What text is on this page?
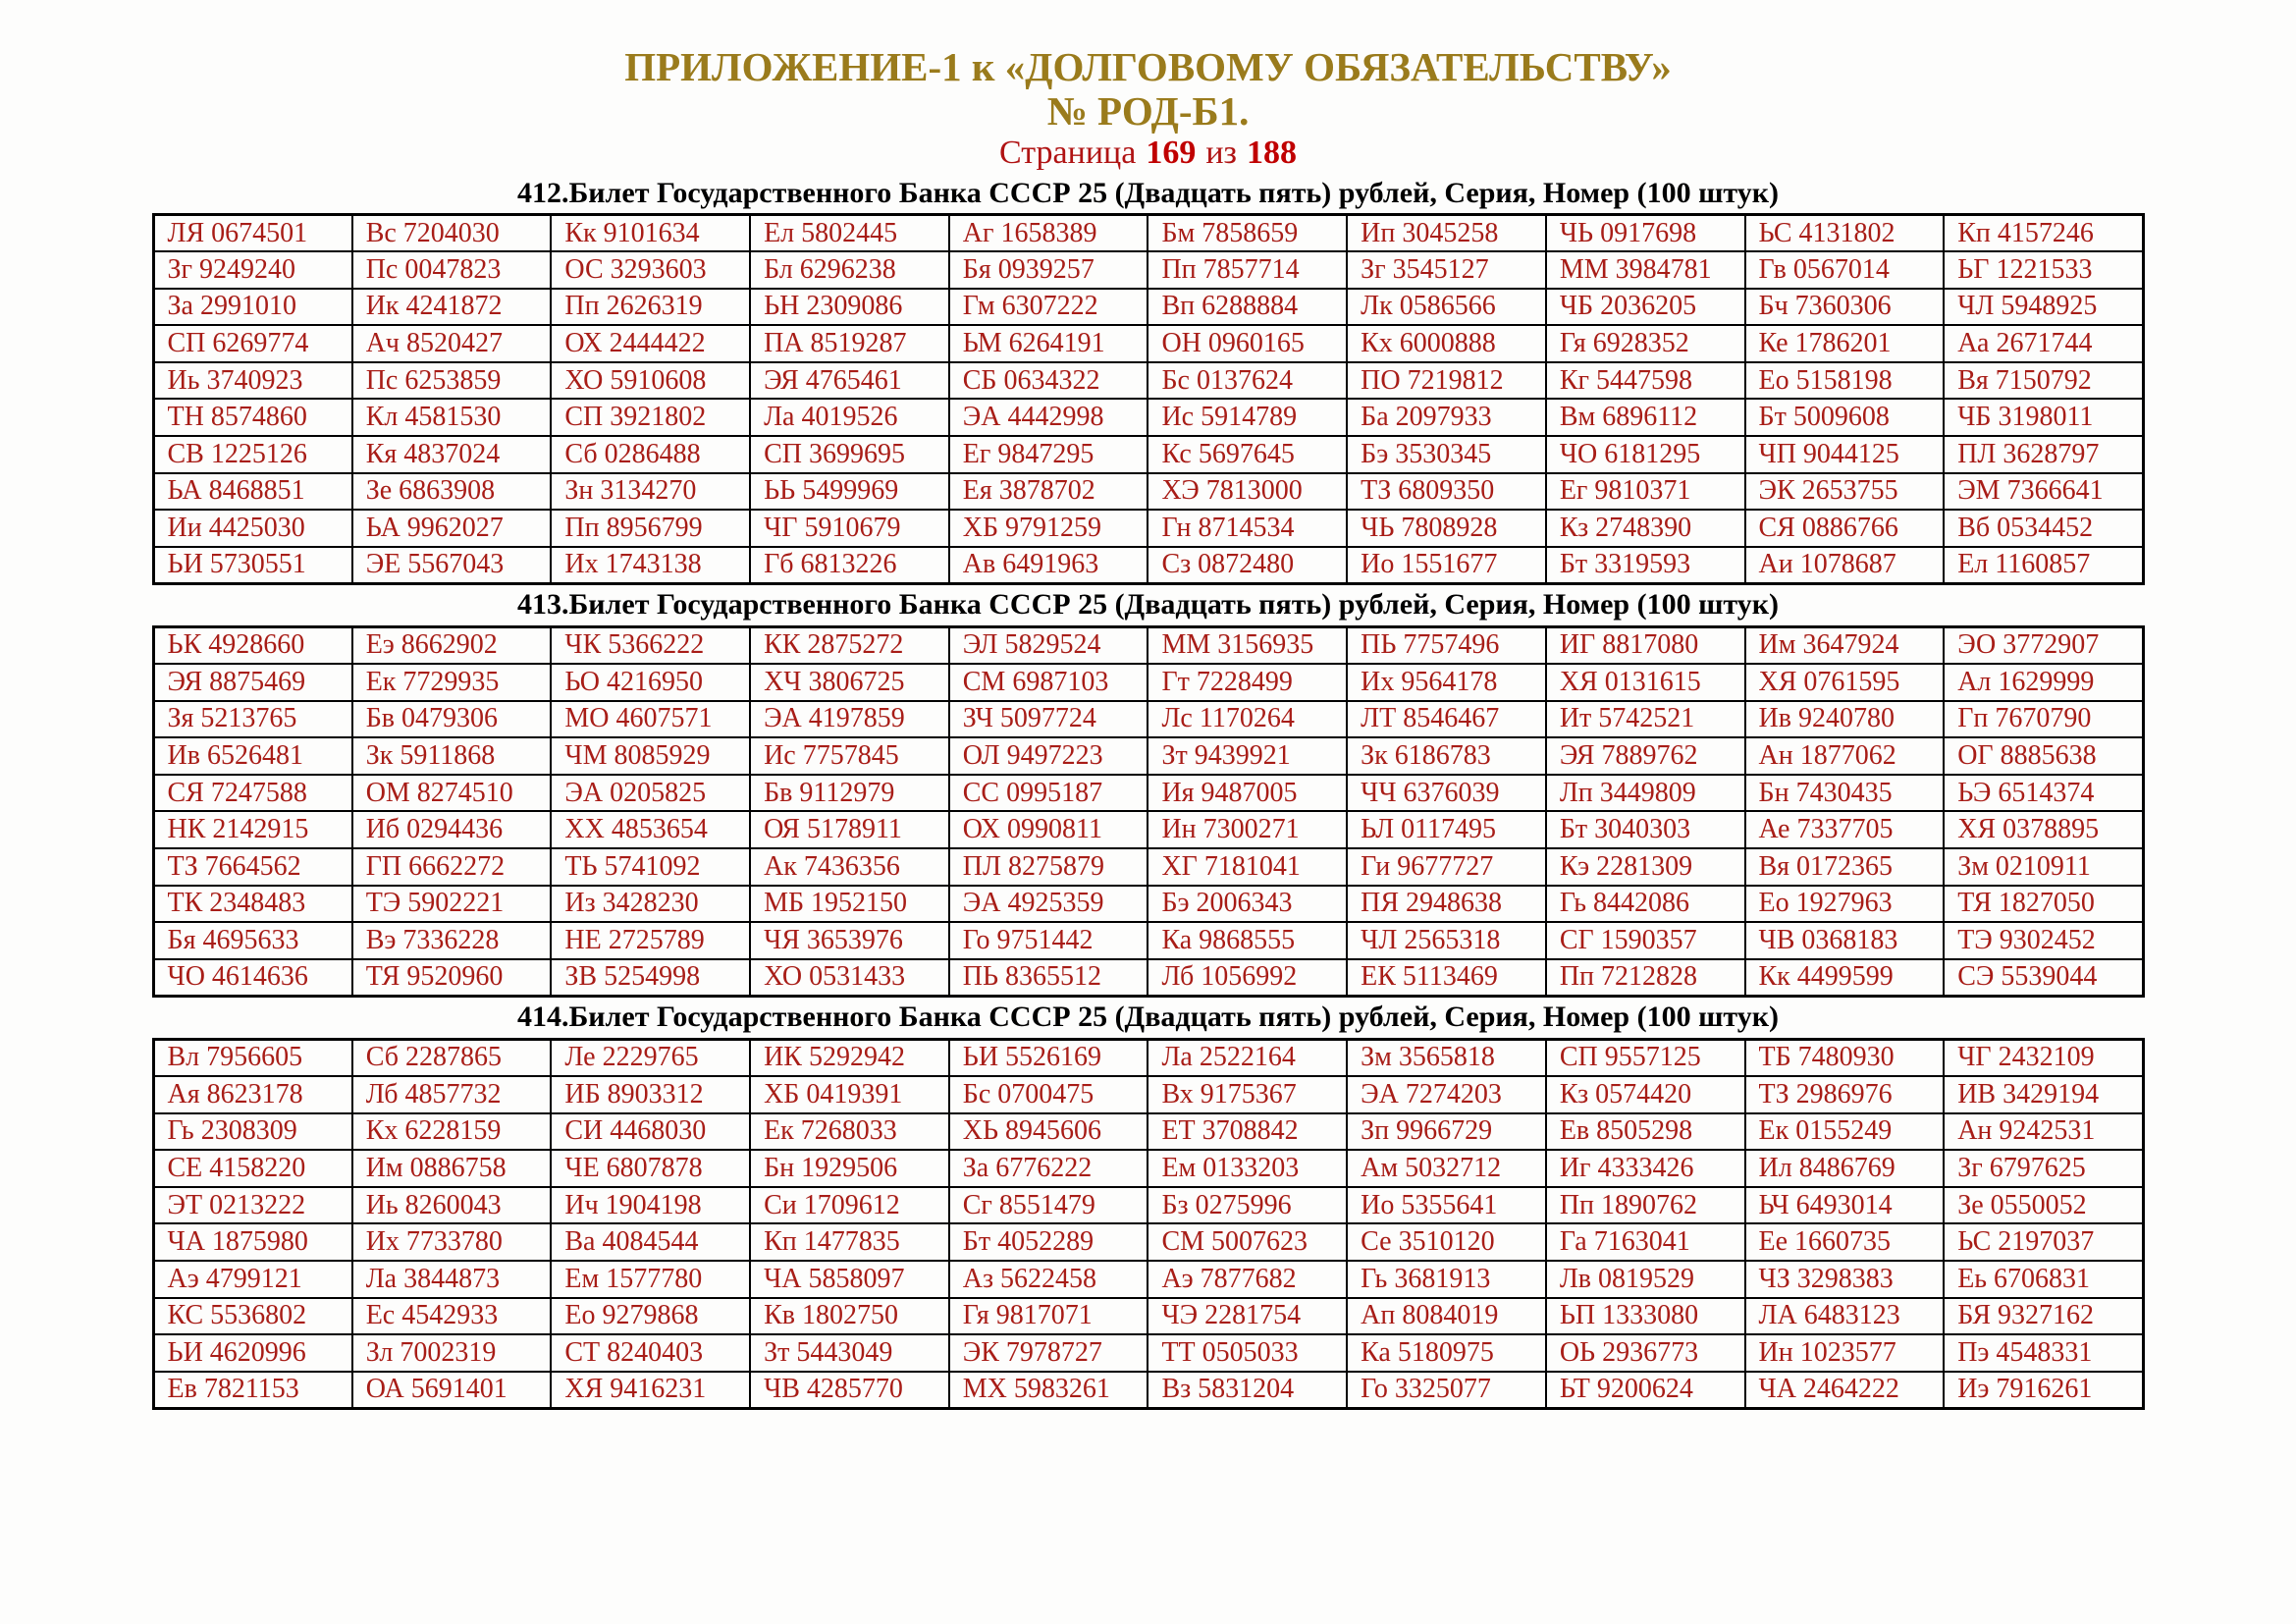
ПРИЛОЖЕНИЕ-1 к «ДОЛГОВОМУ ОБЯЗАТЕЛЬСТВУ»
№ РОД-Б1.
Страница 169 из 188
412.Билет Государственного Банка СССР 25 (Двадцать пять) рублей, Серия, Номер (100 штук)
ЛЯ 0674501	Вс 7204030	Кк 9101634	Ел 5802445	Аг 1658389	Бм 7858659	Ип 3045258	ЧЬ 0917698	ЬС 4131802	Кп 4157246
Зг 9249240	Пс 0047823	ОС 3293603	Бл 6296238	Бя 0939257	Пп 7857714	Зг 3545127	ММ 3984781	Гв 0567014	ЬГ 1221533
За 2991010	Ик 4241872	Пп 2626319	ЬН 2309086	Гм 6307222	Вп 6288884	Лк 0586566	ЧБ 2036205	Бч 7360306	ЧЛ 5948925
СП 6269774	Ач 8520427	ОХ 2444422	ПА 8519287	ЬМ 6264191	ОН 0960165	Кх 6000888	Гя 6928352	Ке 1786201	Аа 2671744
Иь 3740923	Пс 6253859	ХО 5910608	ЭЯ 4765461	СБ 0634322	Бс 0137624	ПО 7219812	Кг 5447598	Ео 5158198	Вя 7150792
ТН 8574860	Кл 4581530	СП 3921802	Ла 4019526	ЭА 4442998	Ис 5914789	Ба 2097933	Вм 6896112	Бт 5009608	ЧБ 3198011
СВ 1225126	Кя 4837024	Сб 0286488	СП 3699695	Ег 9847295	Кс 5697645	Бэ 3530345	ЧО 6181295	ЧП 9044125	ПЛ 3628797
ЬА 8468851	Зе 6863908	Зн 3134270	ЬЬ 5499969	Ея 3878702	ХЭ 7813000	ТЗ 6809350	Ег 9810371	ЭК 2653755	ЭМ 7366641
Ии 4425030	ЬА 9962027	Пп 8956799	ЧГ 5910679	ХБ 9791259	Гн 8714534	ЧЬ 7808928	Кз 2748390	СЯ 0886766	Вб 0534452
ЬИ 5730551	ЭЕ 5567043	Их 1743138	Гб 6813226	Ав 6491963	Сз 0872480	Ио 1551677	Бт 3319593	Аи 1078687	Ел 1160857
413.Билет Государственного Банка СССР 25 (Двадцать пять) рублей, Серия, Номер (100 штук)
ЬК 4928660	Еэ 8662902	ЧК 5366222	КК 2875272	ЭЛ 5829524	ММ 3156935	ПЬ 7757496	ИГ 8817080	Им 3647924	ЭО 3772907
ЭЯ 8875469	Ек 7729935	ЬО 4216950	ХЧ 3806725	СМ 6987103	Гт 7228499	Их 9564178	ХЯ 0131615	ХЯ 0761595	Ал 1629999
Зя 5213765	Бв 0479306	МО 4607571	ЭА 4197859	ЗЧ 5097724	Лс 1170264	ЛТ 8546467	Ит 5742521	Ив 9240780	Гп 7670790
Ив 6526481	Зк 5911868	ЧМ 8085929	Ис 7757845	ОЛ 9497223	Зт 9439921	Зк 6186783	ЭЯ 7889762	Ан 1877062	ОГ 8885638
СЯ 7247588	ОМ 8274510	ЭА 0205825	Бв 9112979	СС 0995187	Ия 9487005	ЧЧ 6376039	Лп 3449809	Бн 7430435	ЬЭ 6514374
НК 2142915	Иб 0294436	ХХ 4853654	ОЯ 5178911	ОХ 0990811	Ин 7300271	ЬЛ 0117495	Бт 3040303	Ае 7337705	ХЯ 0378895
ТЗ 7664562	ГП 6662272	ТЬ 5741092	Ак 7436356	ПЛ 8275879	ХГ 7181041	Ги 9677727	Кэ 2281309	Вя 0172365	Зм 0210911
ТК 2348483	ТЭ 5902221	Из 3428230	МБ 1952150	ЭА 4925359	Бэ 2006343	ПЯ 2948638	Гь 8442086	Ео 1927963	ТЯ 1827050
Бя 4695633	Вэ 7336228	НЕ 2725789	ЧЯ 3653976	Го 9751442	Ка 9868555	ЧЛ 2565318	СГ 1590357	ЧВ 0368183	ТЭ 9302452
ЧО 4614636	ТЯ 9520960	ЗВ 5254998	ХО 0531433	ПЬ 8365512	Лб 1056992	ЕК 5113469	Пп 7212828	Кк 4499599	СЭ 5539044
414.Билет Государственного Банка СССР 25 (Двадцать пять) рублей, Серия, Номер (100 штук)
Вл 7956605	Сб 2287865	Ле 2229765	ИК 5292942	ЬИ 5526169	Ла 2522164	Зм 3565818	СП 9557125	ТБ 7480930	ЧГ 2432109
Ая 8623178	Лб 4857732	ИБ 8903312	ХБ 0419391	Бс 0700475	Вх 9175367	ЭА 7274203	Кз 0574420	ТЗ 2986976	ИВ 3429194
Гь 2308309	Кх 6228159	СИ 4468030	Ек 7268033	ХЬ 8945606	ЕТ 3708842	Зп 9966729	Ев 8505298	Ек 0155249	Ан 9242531
СЕ 4158220	Им 0886758	ЧЕ 6807878	Бн 1929506	За 6776222	Ем 0133203	Ам 5032712	Иг 4333426	Ил 8486769	Зг 6797625
ЭТ 0213222	Иь 8260043	Ич 1904198	Си 1709612	Сг 8551479	Бз 0275996	Ио 5355641	Пп 1890762	ЬЧ 6493014	Зе 0550052
ЧА 1875980	Их 7733780	Ва 4084544	Кп 1477835	Бт 4052289	СМ 5007623	Се 3510120	Га 7163041	Ее 1660735	ЬС 2197037
Аэ 4799121	Ла 3844873	Ем 1577780	ЧА 5858097	Аз 5622458	Аэ 7877682	Гь 3681913	Лв 0819529	ЧЗ 3298383	Еь 6706831
КС 5536802	Ес 4542933	Ео 9279868	Кв 1802750	Гя 9817071	ЧЭ 2281754	Ап 8084019	ЬП 1333080	ЛА 6483123	БЯ 9327162
ЬИ 4620996	Зл 7002319	СТ 8240403	Зт 5443049	ЭК 7978727	ТТ 0505033	Ка 5180975	ОЬ 2936773	Ин 1023577	Пэ 4548331
Ев 7821153	ОА 5691401	ХЯ 9416231	ЧВ 4285770	МХ 5983261	Вз 5831204	Го 3325077	ЬТ 9200624	ЧА 2464222	Иэ 7916261
